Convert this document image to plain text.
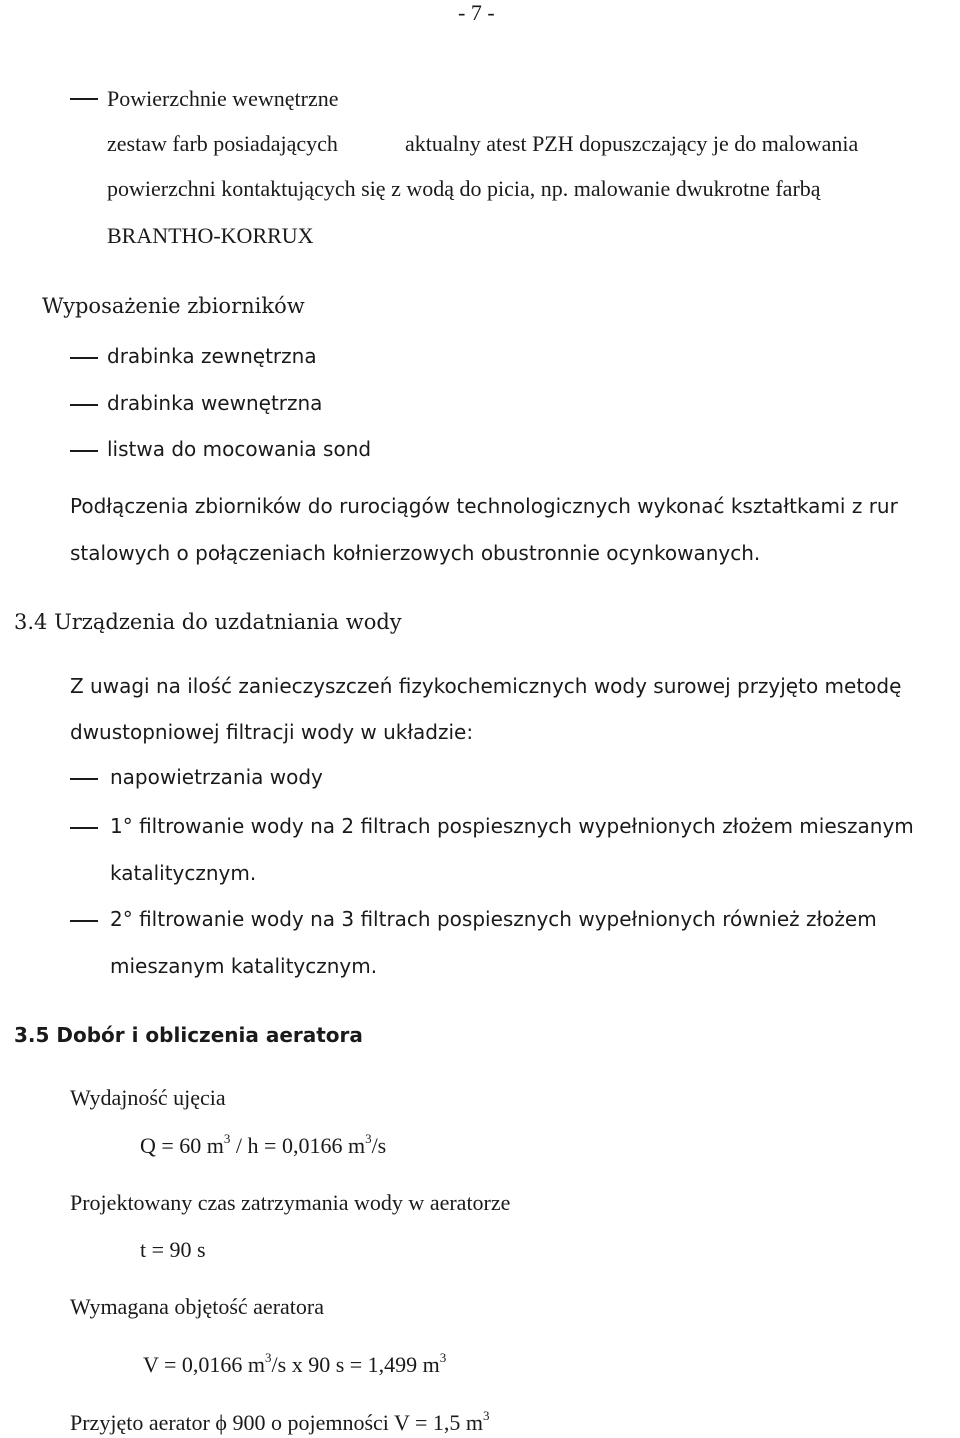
- 7 -
Powierzchnie wewnętrzne
zestaw farb posiadających	aktualny atest PZH dopuszczający je do malowania
powierzchni kontaktujących się z wodą do picia, np. malowanie dwukrotne farbą
BRANTHO-KORRUX
Wyposażenie zbiorników
drabinka zewnętrzna
drabinka wewnętrzna
listwa do mocowania sond
Podłączenia zbiorników do rurociągów technologicznych wykonać kształtkami z rur
stalowych o połączeniach kołnierzowych obustronnie ocynkowanych.
3.4 Urządzenia do uzdatniania wody
Z uwagi na ilość zanieczyszczeń fizykochemicznych wody surowej przyjęto metodę
dwustopniowej filtracji wody w układzie:
napowietrzania wody
1° filtrowanie wody na 2 filtrach pospiesznych wypełnionych złożem mieszanym
katalitycznym.
2° filtrowanie wody na 3 filtrach pospiesznych wypełnionych również złożem
mieszanym katalitycznym.
3.5 Dobór i obliczenia aeratora
Wydajność ujęcia
Q = 60 $m^3 / h = 0,0166$ $m^3/s$
Projektowany czas zatrzymania wody w aeratorze
t = 90 s
Wymagana objętość aeratora
V = 0,0166 $m^3/s$ x 90 s = 1,499 $m^3$
Przyjęto aerator ϕ 900 o pojemności V = 1,5 $m^3$
